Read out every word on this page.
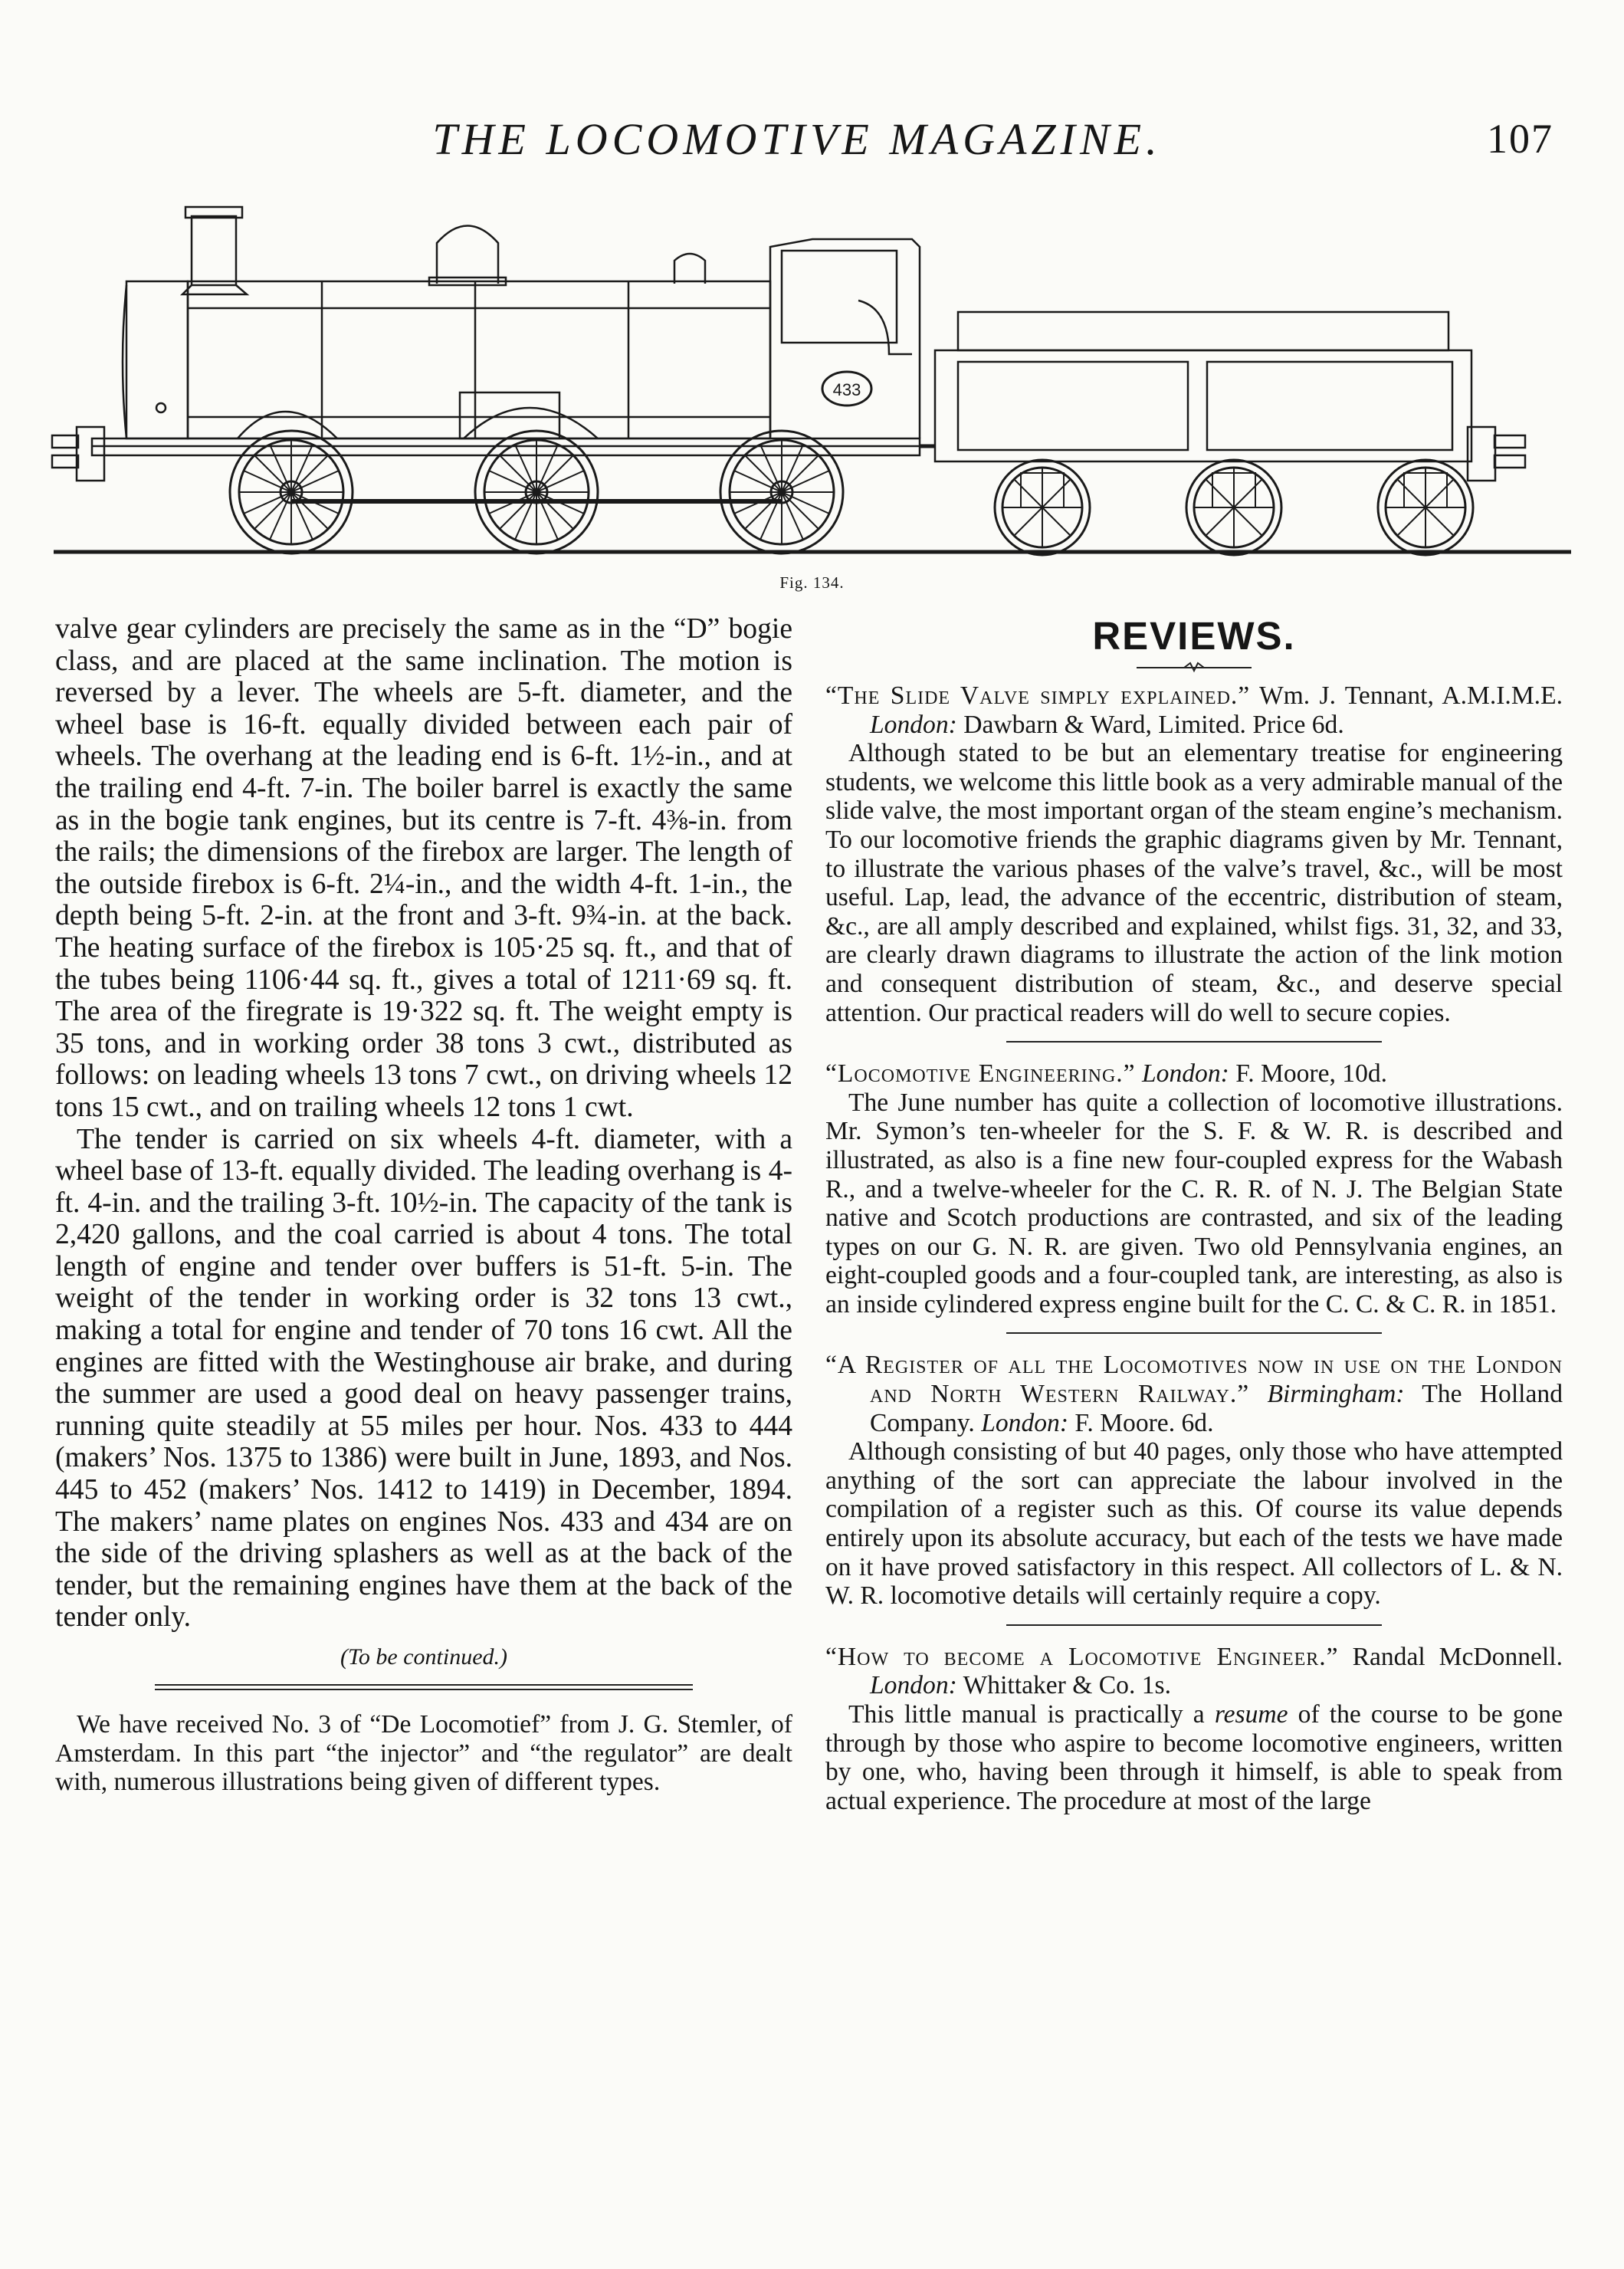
THE LOCOMOTIVE MAGAZINE.	107
433
Fig. 134.

valve gear cylinders are precisely the same as in the “D” bogie class, and are placed at the same inclination. The motion is reversed by a lever. The wheels are 5-ft. diameter, and the wheel base is 16-ft. equally divided between each pair of wheels. The overhang at the leading end is 6-ft. 1½-in., and at the trailing end 4-ft. 7-in. The boiler barrel is exactly the same as in the bogie tank engines, but its centre is 7-ft. 4⅜-in. from the rails; the dimensions of the firebox are larger. The length of the outside firebox is 6-ft. 2¼-in., and the width 4-ft. 1-in., the depth being 5-ft. 2-in. at the front and 3-ft. 9¾-in. at the back. The heating surface of the firebox is 105·25 sq. ft., and that of the tubes being 1106·44 sq. ft., gives a total of 1211·69 sq. ft. The area of the firegrate is 19·322 sq. ft. The weight empty is 35 tons, and in working order 38 tons 3 cwt., distributed as follows: on leading wheels 13 tons 7 cwt., on driving wheels 12 tons 15 cwt., and on trailing wheels 12 tons 1 cwt.

The tender is carried on six wheels 4-ft. diameter, with a wheel base of 13-ft. equally divided. The leading overhang is 4-ft. 4-in. and the trailing 3-ft. 10½-in. The capacity of the tank is 2,420 gallons, and the coal carried is about 4 tons. The total length of engine and tender over buffers is 51-ft. 5-in. The weight of the tender in working order is 32 tons 13 cwt., making a total for engine and tender of 70 tons 16 cwt. All the engines are fitted with the Westinghouse air brake, and during the summer are used a good deal on heavy passenger trains, running quite steadily at 55 miles per hour. Nos. 433 to 444 (makers’ Nos. 1375 to 1386) were built in June, 1893, and Nos. 445 to 452 (makers’ Nos. 1412 to 1419) in December, 1894. The makers’ name plates on engines Nos. 433 and 434 are on the side of the driving splashers as well as at the back of the tender, but the remaining engines have them at the back of the tender only.

(To be continued.)

We have received No. 3 of “De Locomotief” from J. G. Stemler, of Amsterdam. In this part “the injector” and “the regulator” are dealt with, numerous illustrations being given of different types.

REVIEWS.

“The Slide Valve simply explained.” Wm. J. Tennant, A.M.I.M.E. London: Dawbarn & Ward, Limited. Price 6d.

Although stated to be but an elementary treatise for engineering students, we welcome this little book as a very admirable manual of the slide valve, the most important organ of the steam engine’s mechanism. To our locomotive friends the graphic diagrams given by Mr. Tennant, to illustrate the various phases of the valve’s travel, &c., will be most useful. Lap, lead, the advance of the eccentric, distribution of steam, &c., are all amply described and explained, whilst figs. 31, 32, and 33, are clearly drawn diagrams to illustrate the action of the link motion and consequent distribution of steam, &c., and deserve special attention. Our practical readers will do well to secure copies.

“Locomotive Engineering.” London: F. Moore, 10d.

The June number has quite a collection of locomotive illustrations. Mr. Symon’s ten-wheeler for the S. F. & W. R. is described and illustrated, as also is a fine new four-coupled express for the Wabash R., and a twelve-wheeler for the C. R. R. of N. J. The Belgian State native and Scotch productions are contrasted, and six of the leading types on our G. N. R. are given. Two old Pennsylvania engines, an eight-coupled goods and a four-coupled tank, are interesting, as also is an inside cylindered express engine built for the C. C. & C. R. in 1851.

“A Register of all the Locomotives now in use on the London and North Western Railway.” Birmingham: The Holland Company. London: F. Moore. 6d.

Although consisting of but 40 pages, only those who have attempted anything of the sort can appreciate the labour involved in the compilation of a register such as this. Of course its value depends entirely upon its absolute accuracy, but each of the tests we have made on it have proved satisfactory in this respect. All collectors of L. & N. W. R. locomotive details will certainly require a copy.

“How to become a Locomotive Engineer.” Randal McDonnell. London: Whittaker & Co. 1s.

This little manual is practically a resume of the course to be gone through by those who aspire to become locomotive engineers, written by one, who, having been through it himself, is able to speak from actual experience. The procedure at most of the large
